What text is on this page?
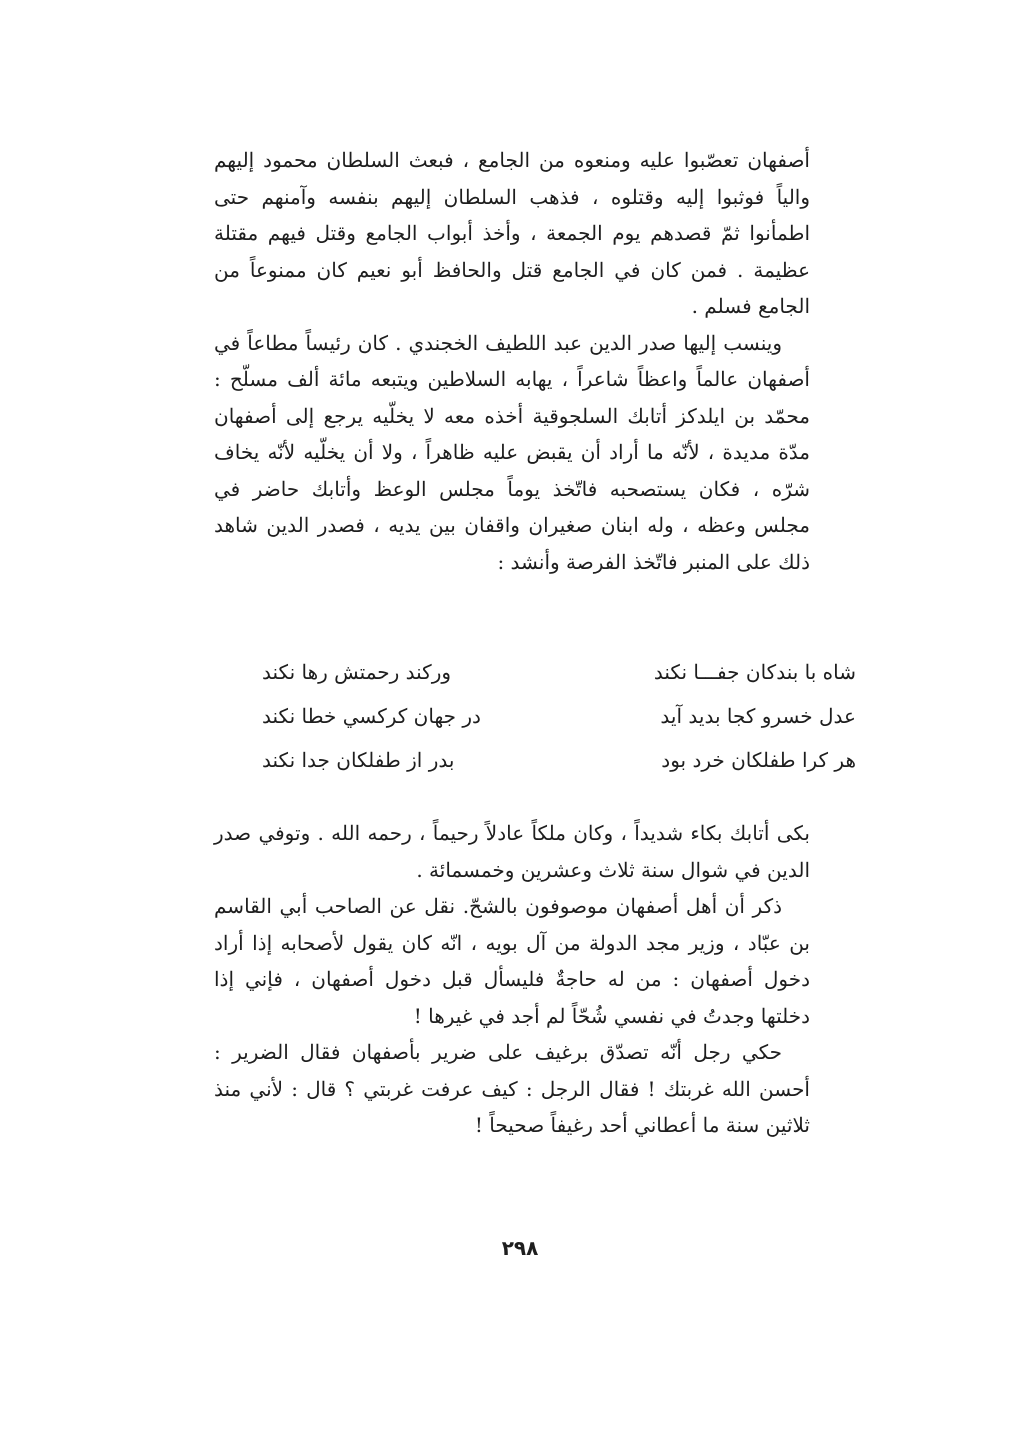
أصفهان تعصّبوا عليه ومنعوه من الجامع ، فبعث السلطان محمود إليهم والياً فوثبوا إليه وقتلوه ، فذهب السلطان إليهم بنفسه وآمنهم حتى اطمأنوا ثمّ قصدهم يوم الجمعة ، وأخذ أبواب الجامع وقتل فيهم مقتلة عظيمة . فمن كان في الجامع قتل والحافظ أبو نعيم كان ممنوعاً من الجامع فسلم .

وينسب إليها صدر الدين عبد اللطيف الخجندي . كان رئيساً مطاعاً في أصفهان عالماً واعظاً شاعراً ، يهابه السلاطين ويتبعه مائة ألف مسلّح : محمّد بن ايلدكز أتابك السلجوقية أخذه معه لا يخلّيه يرجع إلى أصفهان مدّة مديدة ، لأنّه ما أراد أن يقبض عليه ظاهراً ، ولا أن يخلّيه لأنّه يخاف شرّه ، فكان يستصحبه فاتّخذ يوماً مجلس الوعظ وأتابك حاضر في مجلس وعظه ، وله ابنان صغيران واقفان بين يديه ، فصدر الدين شاهد ذلك على المنبر فاتّخذ الفرصة وأنشد :

شاه با بندكان جفـــا نكند
وركند رحمتش رها نكند
عدل خسرو كجا بديد آيد
در جهان كركسي خطا نكند
هر كرا طفلكان خرد بود
بدر از طفلكان جدا نكند

بكى أتابك بكاء شديداً ، وكان ملكاً عادلاً رحيماً ، رحمه الله . وتوفي صدر الدين في شوال سنة ثلاث وعشرين وخمسمائة .

ذكر أن أهل أصفهان موصوفون بالشحّ. نقل عن الصاحب أبي القاسم بن عبّاد ، وزير مجد الدولة من آل بويه ، انّه كان يقول لأصحابه إذا أراد دخول أصفهان : من له حاجةٌ فليسأل قبل دخول أصفهان ، فإني إذا دخلتها وجدتُ في نفسي شُحّاً لم أجد في غيرها !

حكي رجل أنّه تصدّق برغيف على ضرير بأصفهان فقال الضرير : أحسن الله غربتك ! فقال الرجل : كيف عرفت غربتي ؟ قال : لأني منذ ثلاثين سنة ما أعطاني أحد رغيفاً صحيحاً !

٢٩٨
